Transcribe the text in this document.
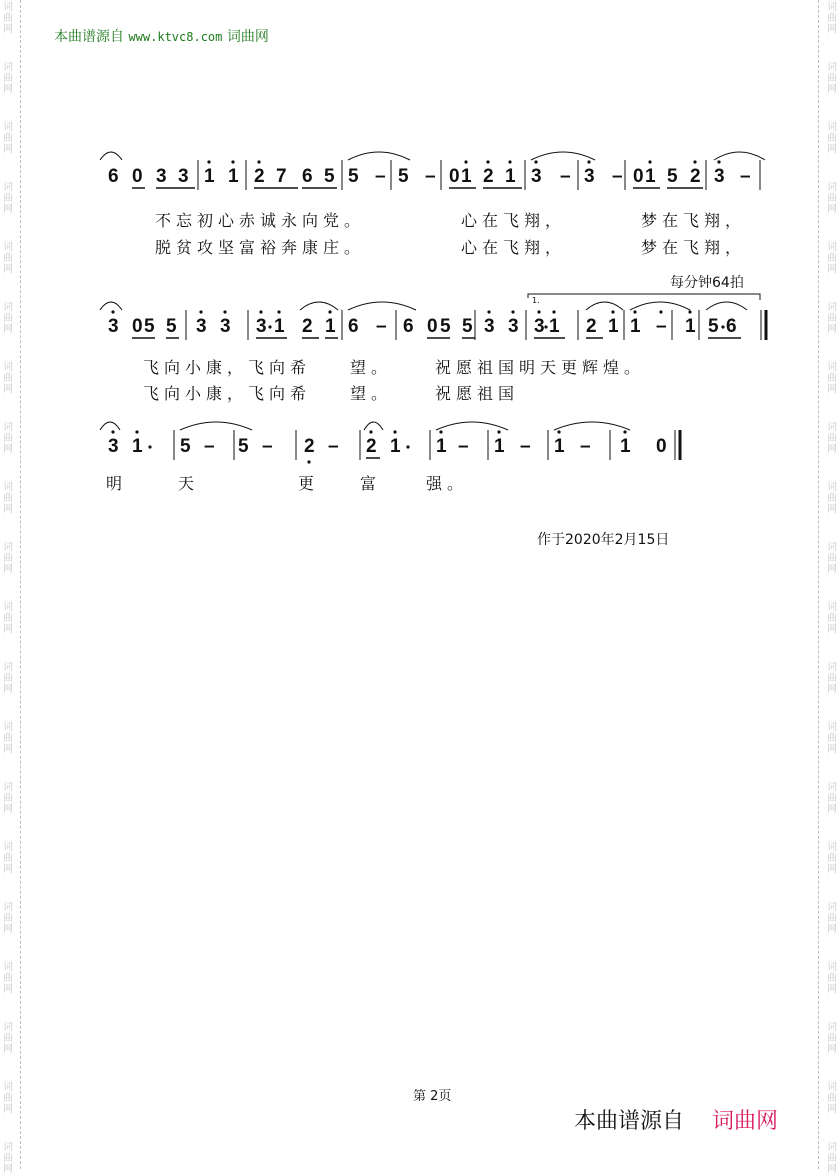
词
曲
网
词
曲
网
词
曲
网
词
曲
网
词
曲
网
词
曲
网
词
曲
网
词
曲
网
词
曲
网
词
曲
网
词
曲
网
词
曲
网
词
曲
网
词
曲
网
词
曲
网
词
曲
网
词
曲
网
词
曲
网
词
曲
网
词
曲
网
词
曲
网
词
曲
网
词
曲
网
词
曲
网
词
曲
网
词
曲
网
词
曲
网
词
曲
网
词
曲
网
词
曲
网
词
曲
网
词
曲
网
词
曲
网
词
曲
网
词
曲
网
词
曲
网
词
曲
网
词
曲
网
词
曲
网
词
曲
网
本曲谱源自 www.ktvc8.com 词曲网
6 0 3 3 1 1 2 7 6 5 5 – 5 – 0 1 2 1 3 – 3 – 0 1 5 2 3 –
不忘初心赤诚永向党。	心在飞翔，	梦在飞翔，
脱贫攻坚富裕奔康庄。	心在飞翔，	梦在飞翔，
每分钟64拍
1.
3 0 5 5 3 3 3 1 2 1 6 – 6 0 5 5 3 3 3 1 2 1 1 – 1 5 6
飞向小康，飞向希 望。	祝愿祖国明天更辉煌。
飞向小康，飞向希 望。	祝愿祖国
3 1 5 – 5 – 2 – 2 1 1 – 1 – 1 – 1 0
明	天	更	富	强。
作于2020年2月15日
第 2页
本曲谱源自 词曲网
